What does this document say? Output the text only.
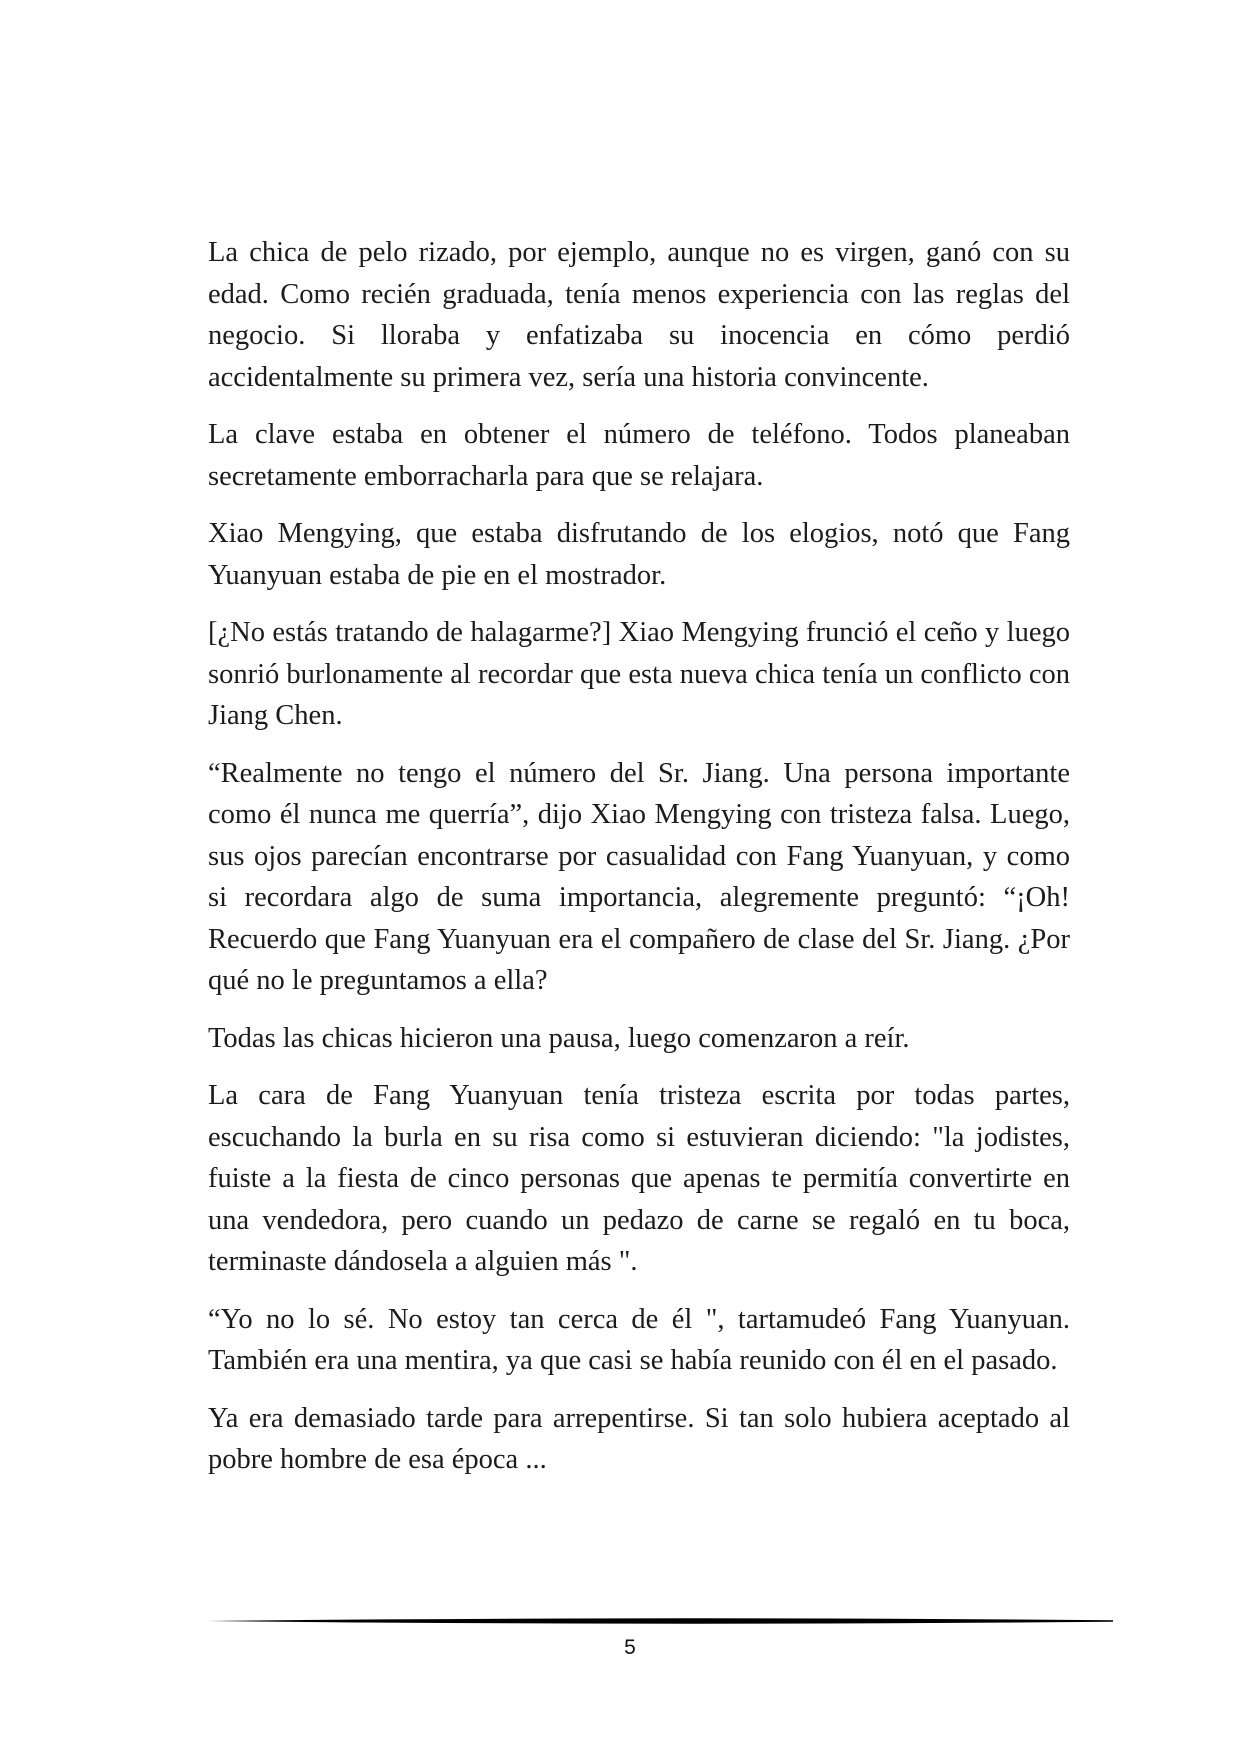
La chica de pelo rizado, por ejemplo, aunque no es virgen, ganó con su edad. Como recién graduada, tenía menos experiencia con las reglas del negocio. Si lloraba y enfatizaba su inocencia en cómo perdió accidentalmente su primera vez, sería una historia convincente.

La clave estaba en obtener el número de teléfono. Todos planeaban secretamente emborracharla para que se relajara.

Xiao Mengying, que estaba disfrutando de los elogios, notó que Fang Yuanyuan estaba de pie en el mostrador.

[¿No estás tratando de halagarme?] Xiao Mengying frunció el ceño y luego sonrió burlonamente al recordar que esta nueva chica tenía un conflicto con Jiang Chen.

“Realmente no tengo el número del Sr. Jiang. Una persona importante como él nunca me querría”, dijo Xiao Mengying con tristeza falsa. Luego, sus ojos parecían encontrarse por casualidad con Fang Yuanyuan, y como si recordara algo de suma importancia, alegremente preguntó: “¡Oh! Recuerdo que Fang Yuanyuan era el compañero de clase del Sr. Jiang. ¿Por qué no le preguntamos a ella?

Todas las chicas hicieron una pausa, luego comenzaron a reír.

La cara de Fang Yuanyuan tenía tristeza escrita por todas partes, escuchando la burla en su risa como si estuvieran diciendo: "la jodistes, fuiste a la fiesta de cinco personas que apenas te permitía convertirte en una vendedora, pero cuando un pedazo de carne se regaló en tu boca, terminaste dándosela a alguien más ".

“Yo no lo sé. No estoy tan cerca de él ", tartamudeó Fang Yuanyuan. También era una mentira, ya que casi se había reunido con él en el pasado.

Ya era demasiado tarde para arrepentirse. Si tan solo hubiera aceptado al pobre hombre de esa época ...

5
